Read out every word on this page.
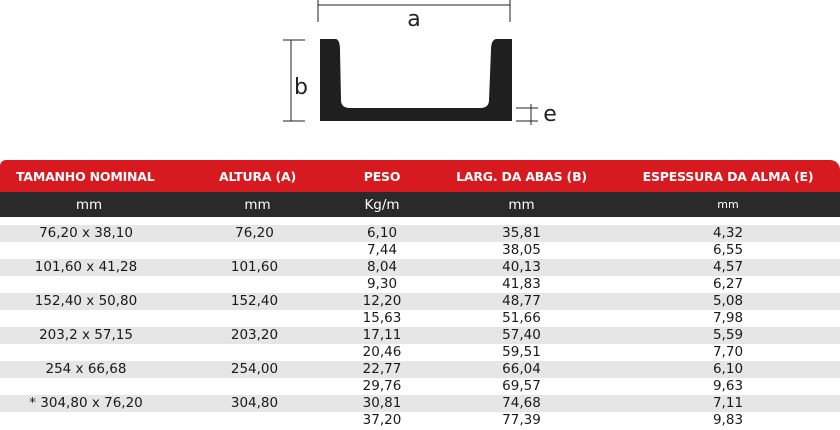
a
b
e
TAMANHO NOMINAL	ALTURA (A)	PESO	LARG. DA ABAS (B)	ESPESSURA DA ALMA (E)
mm	mm	Kg/m	mm	mm

76,20 x 38,10	76,20	6,10	35,81	4,32
		7,44	38,05	6,55
101,60 x 41,28	101,60	8,04	40,13	4,57
		9,30	41,83	6,27
152,40 x 50,80	152,40	12,20	48,77	5,08
		15,63	51,66	7,98
203,2 x 57,15	203,20	17,11	57,40	5,59
		20,46	59,51	7,70
254 x 66,68	254,00	22,77	66,04	6,10
		29,76	69,57	9,63
* 304,80 x 76,20	304,80	30,81	74,68	7,11
		37,20	77,39	9,83
